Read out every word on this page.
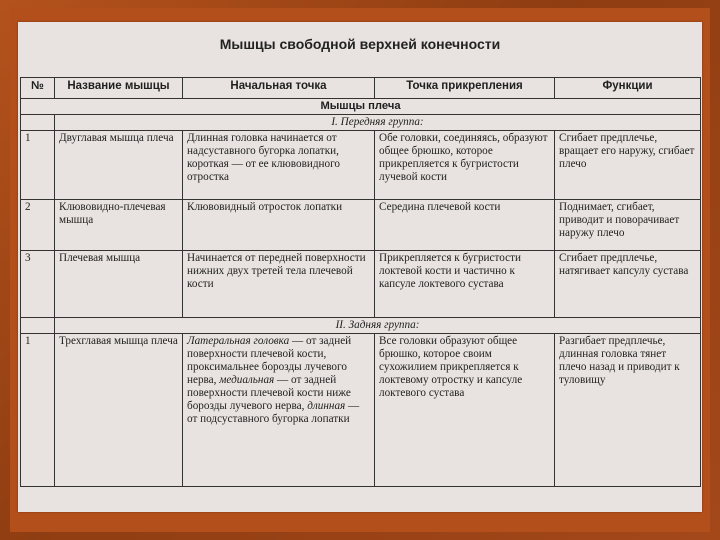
Мышцы свободной верхней конечности
№	Название мышцы	Начальная точка	Точка прикрепления	Функции
Мышцы плеча				
	I. Передняя группа:			
1	Двуглавая мышца плеча	Длинная головка начинается от надсуставного бугорка лопатки, короткая — от ее клювовидного отростка	Обе головки, соединяясь, образуют общее брюшко, которое прикрепляется к бугристости лучевой кости	Сгибает предплечье, вращает его наружу, сгибает плечо
2	Клювовидно-плечевая мышца	Клювовидный отросток лопатки	Середина плечевой кости	Поднимает, сгибает, приводит и поворачивает наружу плечо
3	Плечевая мышца	Начинается от передней поверхности нижних двух третей тела плечевой кости	Прикрепляется к бугристости локтевой кости и частично к капсуле локтевого сустава	Сгибает предплечье, натягивает капсулу сустава
	II. Задняя группа:			
1	Трехглавая мышца плеча	Латеральная головка — от задней поверхности плечевой кости, проксимальнее борозды лучевого нерва, медиальная — от задней поверхности плечевой кости ниже борозды лучевого нерва, длинная — от подсуставного бугорка лопатки	Все головки образуют общее брюшко, которое своим сухожилием прикрепляется к локтевому отростку и капсуле локтевого сустава	Разгибает предплечье, длинная головка тянет плечо назад и приводит к туловищу
